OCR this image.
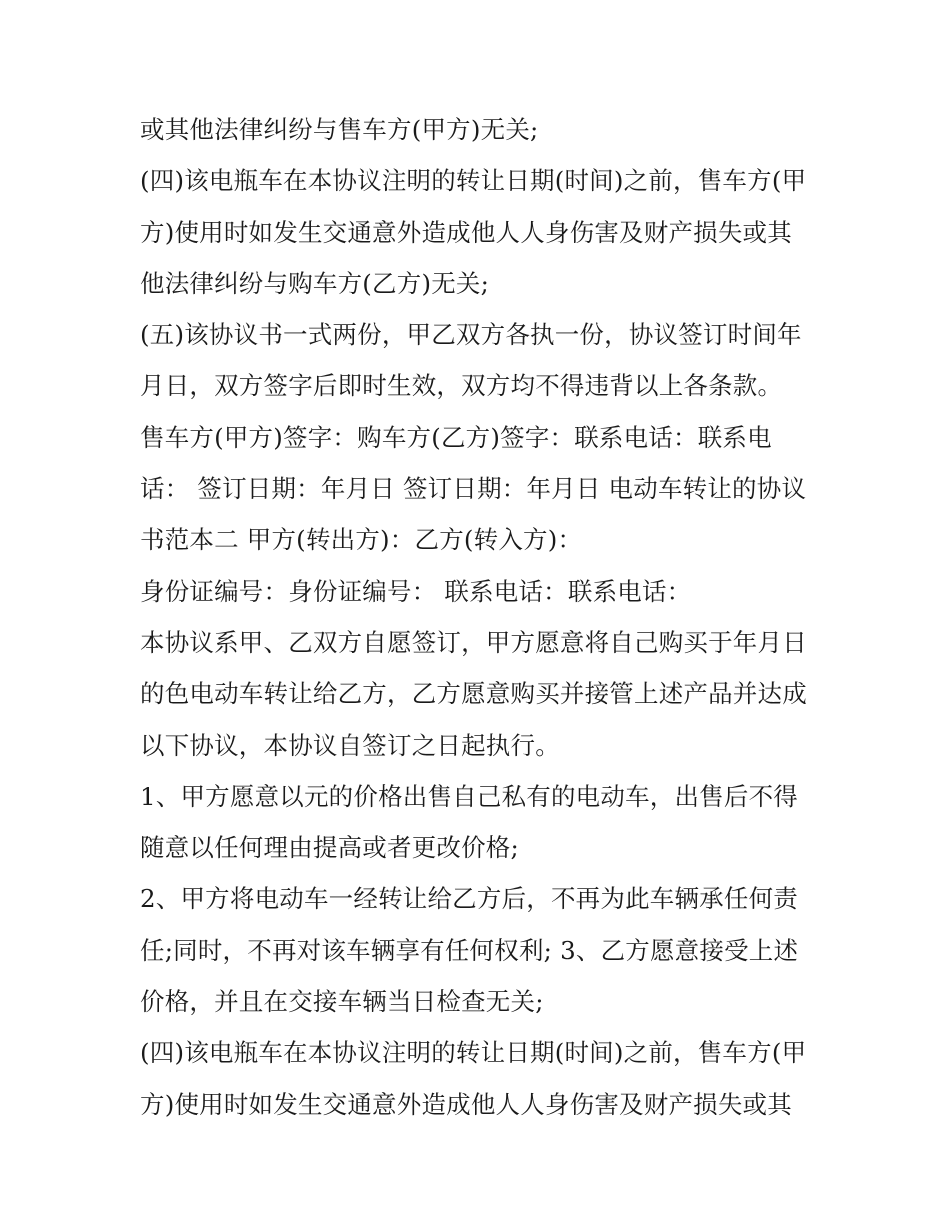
或其他法律纠纷与售车方(甲方)无关;
(四)该电瓶车在本协议注明的转让日期(时间)之前，售车方(甲
方)使用时如发生交通意外造成他人人身伤害及财产损失或其
他法律纠纷与购车方(乙方)无关;
(五)该协议书一式两份，甲乙双方各执一份，协议签订时间年
月日，双方签字后即时生效，双方均不得违背以上各条款。
售车方(甲方)签字：购车方(乙方)签字：联系电话：联系电
话： 签订日期：年月日 签订日期：年月日 电动车转让的协议
书范本二 甲方(转出方)：乙方(转入方)：
身份证编号：身份证编号： 联系电话：联系电话：
本协议系甲、乙双方自愿签订，甲方愿意将自己购买于年月日
的色电动车转让给乙方，乙方愿意购买并接管上述产品并达成
以下协议，本协议自签订之日起执行。
1、甲方愿意以元的价格出售自己私有的电动车，出售后不得
随意以任何理由提高或者更改价格;
2、甲方将电动车一经转让给乙方后，不再为此车辆承任何责
任;同时，不再对该车辆享有任何权利; 3、乙方愿意接受上述
价格，并且在交接车辆当日检查无关;
(四)该电瓶车在本协议注明的转让日期(时间)之前，售车方(甲
方)使用时如发生交通意外造成他人人身伤害及财产损失或其
